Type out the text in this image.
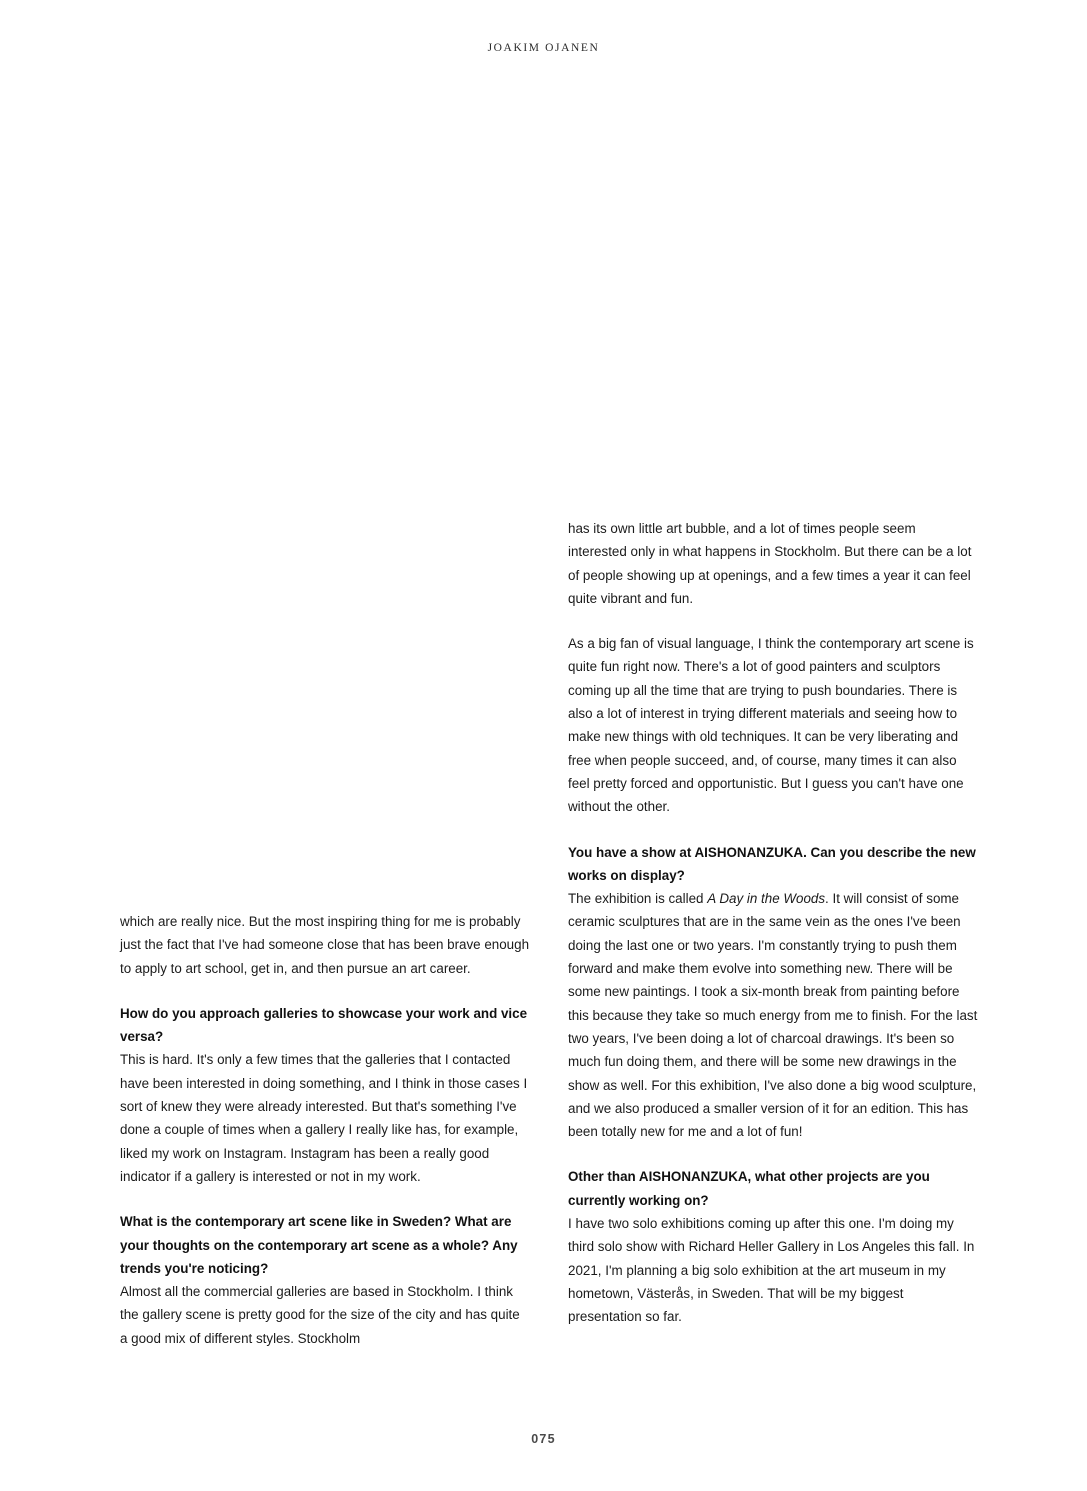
JOAKIM OJANEN

which are really nice. But the most inspiring thing for me is probably just the fact that I've had someone close that has been brave enough to apply to art school, get in, and then pursue an art career.

How do you approach galleries to showcase your work and vice versa?

This is hard. It's only a few times that the galleries that I contacted have been interested in doing something, and I think in those cases I sort of knew they were already interested. But that's something I've done a couple of times when a gallery I really like has, for example, liked my work on Instagram. Instagram has been a really good indicator if a gallery is interested or not in my work.

What is the contemporary art scene like in Sweden? What are your thoughts on the contemporary art scene as a whole? Any trends you're noticing?

Almost all the commercial galleries are based in Stockholm. I think the gallery scene is pretty good for the size of the city and has quite a good mix of different styles. Stockholm

has its own little art bubble, and a lot of times people seem interested only in what happens in Stockholm. But there can be a lot of people showing up at openings, and a few times a year it can feel quite vibrant and fun.

As a big fan of visual language, I think the contemporary art scene is quite fun right now. There's a lot of good painters and sculptors coming up all the time that are trying to push boundaries. There is also a lot of interest in trying different materials and seeing how to make new things with old techniques. It can be very liberating and free when people succeed, and, of course, many times it can also feel pretty forced and opportunistic. But I guess you can't have one without the other.

You have a show at AISHONANZUKA. Can you describe the new works on display?

The exhibition is called A Day in the Woods. It will consist of some ceramic sculptures that are in the same vein as the ones I've been doing the last one or two years. I'm constantly trying to push them forward and make them evolve into something new. There will be some new paintings. I took a six-month break from painting before this because they take so much energy from me to finish. For the last two years, I've been doing a lot of charcoal drawings. It's been so much fun doing them, and there will be some new drawings in the show as well. For this exhibition, I've also done a big wood sculpture, and we also produced a smaller version of it for an edition. This has been totally new for me and a lot of fun!

Other than AISHONANZUKA, what other projects are you currently working on?

I have two solo exhibitions coming up after this one. I'm doing my third solo show with Richard Heller Gallery in Los Angeles this fall. In 2021, I'm planning a big solo exhibition at the art museum in my hometown, Västerås, in Sweden. That will be my biggest presentation so far.

075
